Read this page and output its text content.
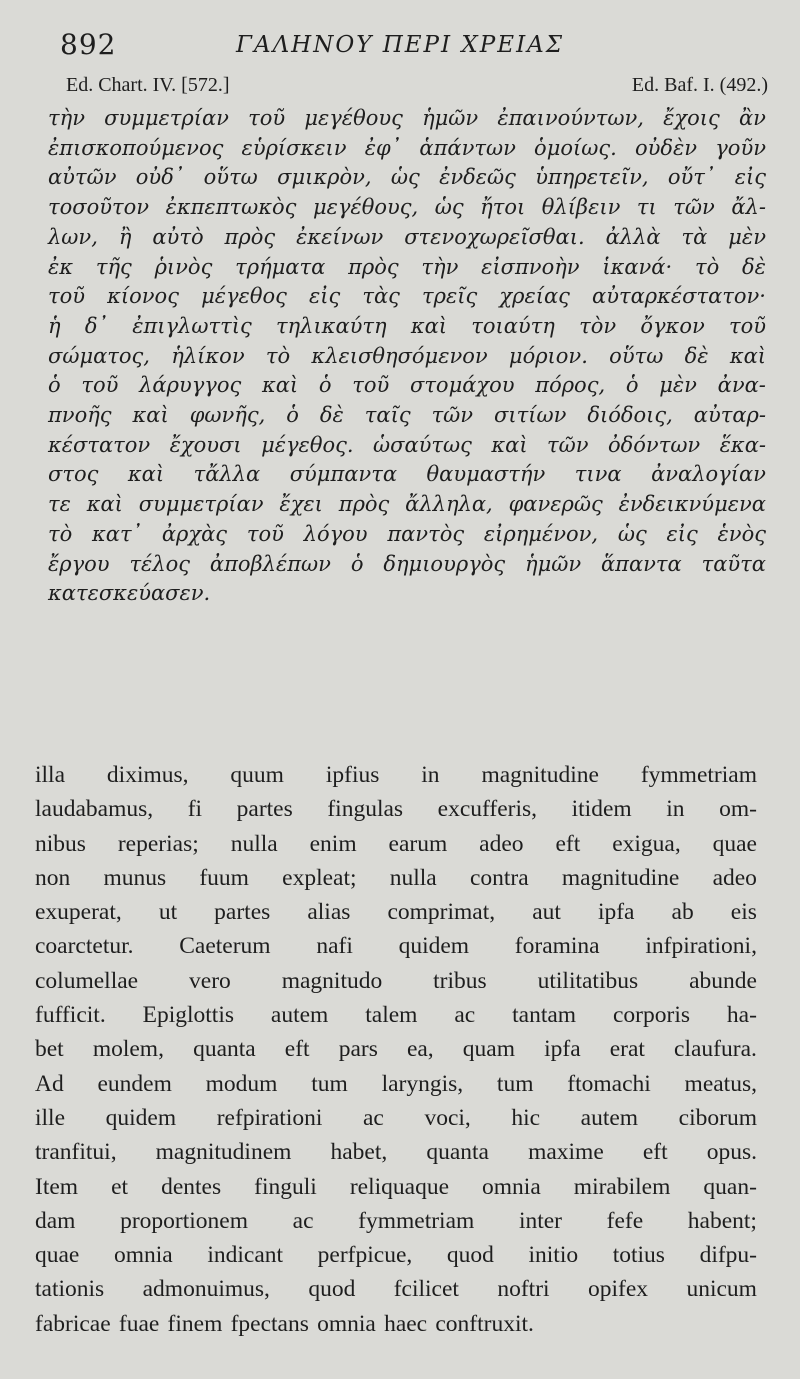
892	ΓΑΛΗΝΟΥ ΠΕΡΙ ΧΡΕΙΑΣ
Ed. Chart. IV. [572.]	Ed. Baf. I. (492.)
τὴν συμμετρίαν τοῦ μεγέθους ἡμῶν ἐπαινούντων, ἔχοις ἂν
ἐπισκοπούμενος εὑρίσκειν ἐφ᾽ ἁπάντων ὁμοίως. οὐδὲν γοῦν
αὐτῶν οὐδ᾽ οὕτω σμικρὸν, ὡς ἐνδεῶς ὑπηρετεῖν, οὔτ᾽ εἰς
τοσοῦτον ἐκπεπτωκὸς μεγέθους, ὡς ἤτοι θλίβειν τι τῶν ἄλ-
λων, ἢ αὐτὸ πρὸς ἐκείνων στενοχωρεῖσθαι. ἀλλὰ τὰ μὲν
ἐκ τῆς ῥινὸς τρήματα πρὸς τὴν εἰσπνοὴν ἱκανά· τὸ δὲ
τοῦ κίονος μέγεθος εἰς τὰς τρεῖς χρείας αὐταρκέστατον·
ἡ δ᾽ ἐπιγλωττὶς τηλικαύτη καὶ τοιαύτη τὸν ὄγκον τοῦ
σώματος, ἡλίκον τὸ κλεισθησόμενον μόριον. οὕτω δὲ καὶ
ὁ τοῦ λάρυγγος καὶ ὁ τοῦ στομάχου πόρος, ὁ μὲν ἀνα-
πνοῆς καὶ φωνῆς, ὁ δὲ ταῖς τῶν σιτίων διόδοις, αὐταρ-
κέστατον ἔχουσι μέγεθος. ὡσαύτως καὶ τῶν ὀδόντων ἕκα-
στος καὶ τἄλλα σύμπαντα θαυμαστήν τινα ἀναλογίαν
τε καὶ συμμετρίαν ἔχει πρὸς ἄλληλα, φανερῶς ἐνδεικνύμενα
τὸ κατ᾽ ἀρχὰς τοῦ λόγου παντὸς εἰρημένον, ὡς εἰς ἑνὸς
ἔργου τέλος ἀποβλέπων ὁ δημιουργὸς ἡμῶν ἅπαντα ταῦτα
κατεσκεύασεν.
illa diximus, quum ipfius in magnitudine fymmetriam
laudabamus, fi partes fingulas excufferis, itidem in om-
nibus reperias; nulla enim earum adeo eft exigua, quae
non munus fuum expleat; nulla contra magnitudine adeo
exuperat, ut partes alias comprimat, aut ipfa ab eis
coarctetur. Caeterum nafi quidem foramina infpirationi,
columellae vero magnitudo tribus utilitatibus abunde
fufficit. Epiglottis autem talem ac tantam corporis ha-
bet molem, quanta eft pars ea, quam ipfa erat claufura.
Ad eundem modum tum laryngis, tum ftomachi meatus,
ille quidem refpirationi ac voci, hic autem ciborum
tranfitui, magnitudinem habet, quanta maxime eft opus.
Item et dentes finguli reliquaque omnia mirabilem quan-
dam proportionem ac fymmetriam inter fefe habent;
quae omnia indicant perfpicue, quod initio totius difpu-
tationis admonuimus, quod fcilicet noftri opifex unicum
fabricae fuae finem fpectans omnia haec conftruxit.
